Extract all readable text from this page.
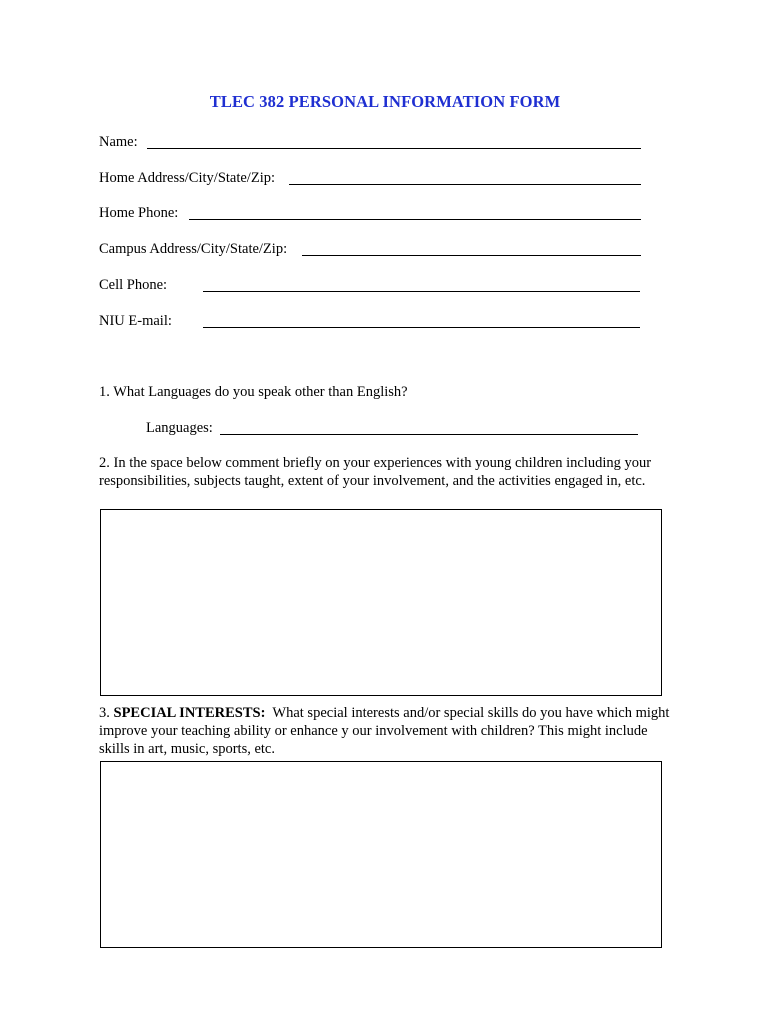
TLEC 382 PERSONAL INFORMATION FORM
Name:
Home Address/City/State/Zip:
Home Phone:
Campus Address/City/State/Zip:
Cell Phone:
NIU E-mail:
1. What Languages do you speak other than English?
Languages:
2. In the space below comment briefly on your experiences with young children including your responsibilities, subjects taught, extent of your involvement, and the activities engaged in, etc.
3. SPECIAL INTERESTS: What special interests and/or special skills do you have which might improve your teaching ability or enhance y our involvement with children? This might include skills in art, music, sports, etc.
